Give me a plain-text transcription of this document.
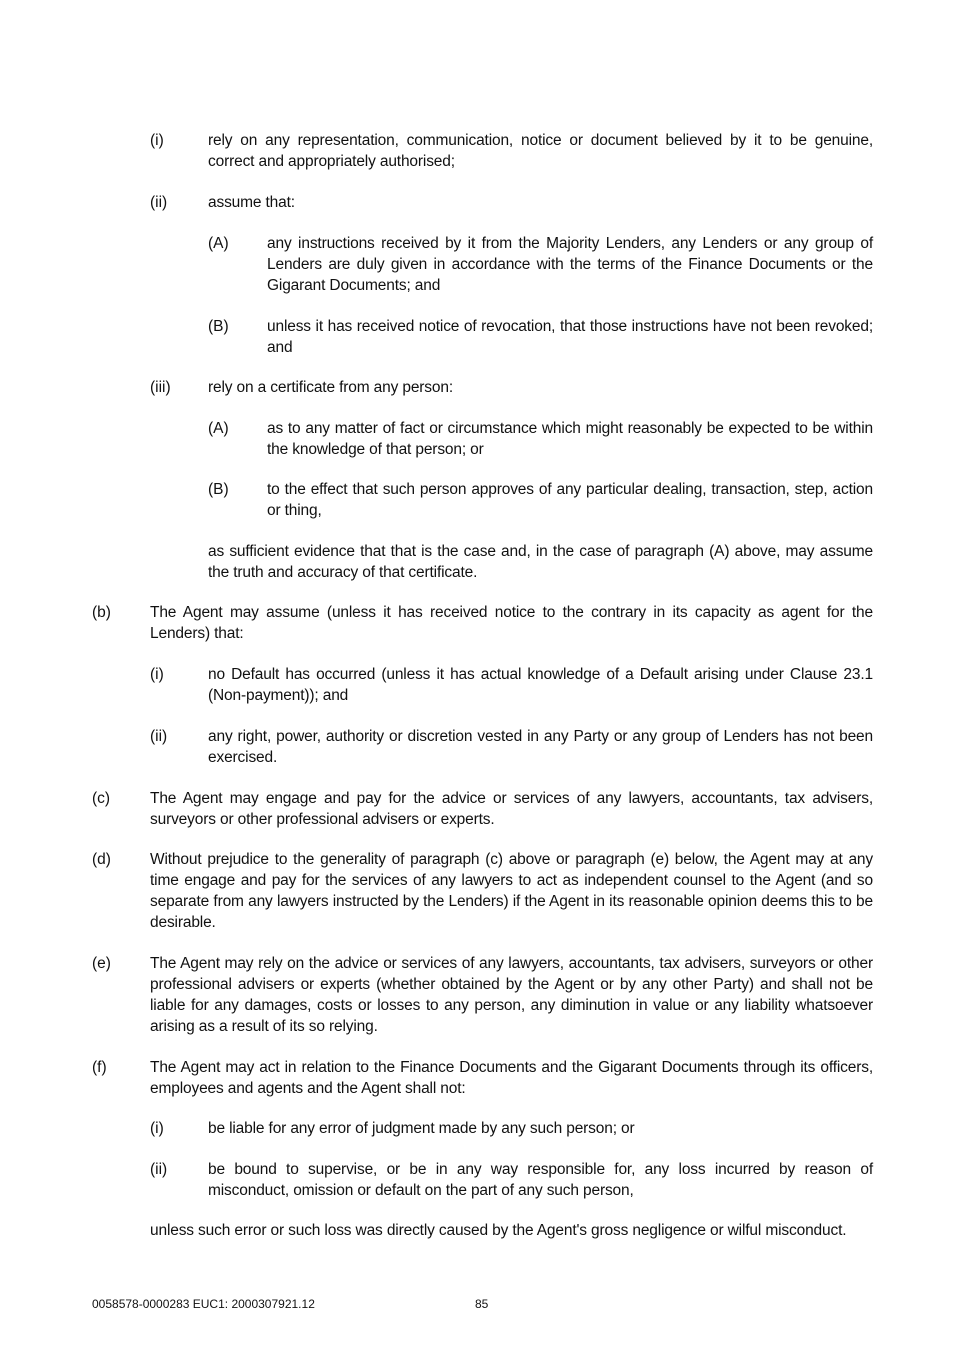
(i)	rely on any representation, communication, notice or document believed by it to be genuine, correct and appropriately authorised;

(ii)	assume that:

(A) any instructions received by it from the Majority Lenders, any Lenders or any group of Lenders are duly given in accordance with the terms of the Finance Documents or the Gigarant Documents; and

(B) unless it has received notice of revocation, that those instructions have not been revoked; and

(iii) rely on a certificate from any person:

(A) as to any matter of fact or circumstance which might reasonably be expected to be within the knowledge of that person; or

(B) to the effect that such person approves of any particular dealing, transaction, step, action or thing,

as sufficient evidence that that is the case and, in the case of paragraph (A) above, may assume the truth and accuracy of that certificate.

(b)	The Agent may assume (unless it has received notice to the contrary in its capacity as agent for the Lenders) that:

(i)	no Default has occurred (unless it has actual knowledge of a Default arising under Clause 23.1 (Non-payment)); and

(ii)	any right, power, authority or discretion vested in any Party or any group of Lenders has not been exercised.

(c)	The Agent may engage and pay for the advice or services of any lawyers, accountants, tax advisers, surveyors or other professional advisers or experts.

(d)	Without prejudice to the generality of paragraph (c) above or paragraph (e) below, the Agent may at any time engage and pay for the services of any lawyers to act as independent counsel to the Agent (and so separate from any lawyers instructed by the Lenders) if the Agent in its reasonable opinion deems this to be desirable.

(e)	The Agent may rely on the advice or services of any lawyers, accountants, tax advisers, surveyors or other professional advisers or experts (whether obtained by the Agent or by any other Party) and shall not be liable for any damages, costs or losses to any person, any diminution in value or any liability whatsoever arising as a result of its so relying.

(f)	The Agent may act in relation to the Finance Documents and the Gigarant Documents through its officers, employees and agents and the Agent shall not:

(i)	be liable for any error of judgment made by any such person; or

(ii)	be bound to supervise, or be in any way responsible for, any loss incurred by reason of misconduct, omission or default on the part of any such person,

unless such error or such loss was directly caused by the Agent's gross negligence or wilful misconduct.

0058578-0000283 EUC1: 2000307921.12	85
